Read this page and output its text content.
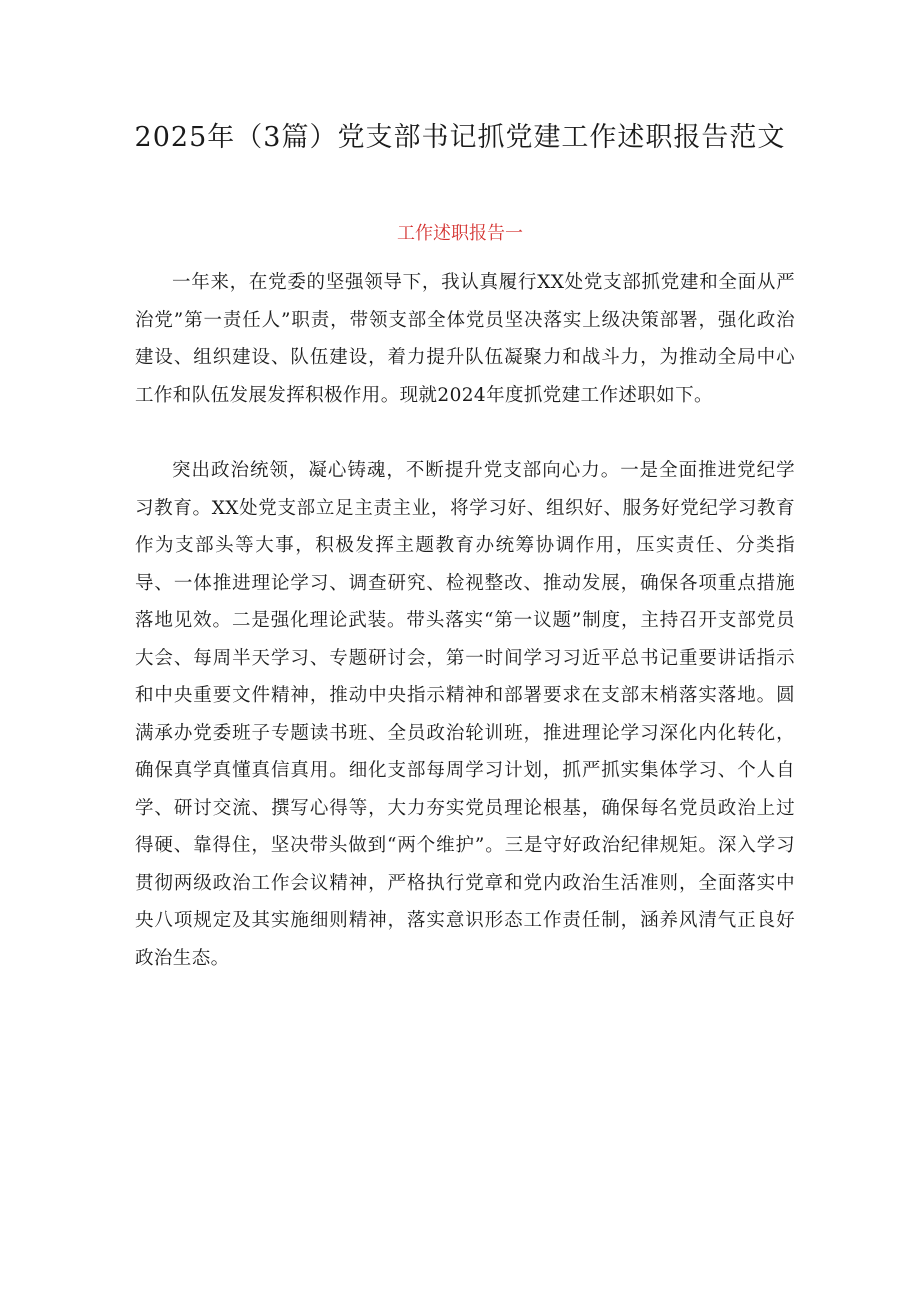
2025年（3篇）党支部书记抓党建工作述职报告范文
工作述职报告一

一年来，在党委的坚强领导下，我认真履行XX处党支部抓党建和全面从严治党”第一责任人”职责，带领支部全体党员坚决落实上级决策部署，强化政治建设、组织建设、队伍建设，着力提升队伍凝聚力和战斗力，为推动全局中心工作和队伍发展发挥积极作用。现就2024年度抓党建工作述职如下。

突出政治统领，凝心铸魂，不断提升党支部向心力。一是全面推进党纪学习教育。XX处党支部立足主责主业，将学习好、组织好、服务好党纪学习教育作为支部头等大事，积极发挥主题教育办统筹协调作用，压实责任、分类指导、一体推进理论学习、调查研究、检视整改、推动发展，确保各项重点措施落地见效。二是强化理论武装。带头落实“第一议题”制度，主持召开支部党员大会、每周半天学习、专题研讨会，第一时间学习习近平总书记重要讲话指示和中央重要文件精神，推动中央指示精神和部署要求在支部末梢落实落地。圆满承办党委班子专题读书班、全员政治轮训班，推进理论学习深化内化转化，确保真学真懂真信真用。细化支部每周学习计划，抓严抓实集体学习、个人自学、研讨交流、撰写心得等，大力夯实党员理论根基，确保每名党员政治上过得硬、靠得住，坚决带头做到“两个维护”。三是守好政治纪律规矩。深入学习贯彻两级政治工作会议精神，严格执行党章和党内政治生活准则，全面落实中央八项规定及其实施细则精神，落实意识形态工作责任制，涵养风清气正良好政治生态。
